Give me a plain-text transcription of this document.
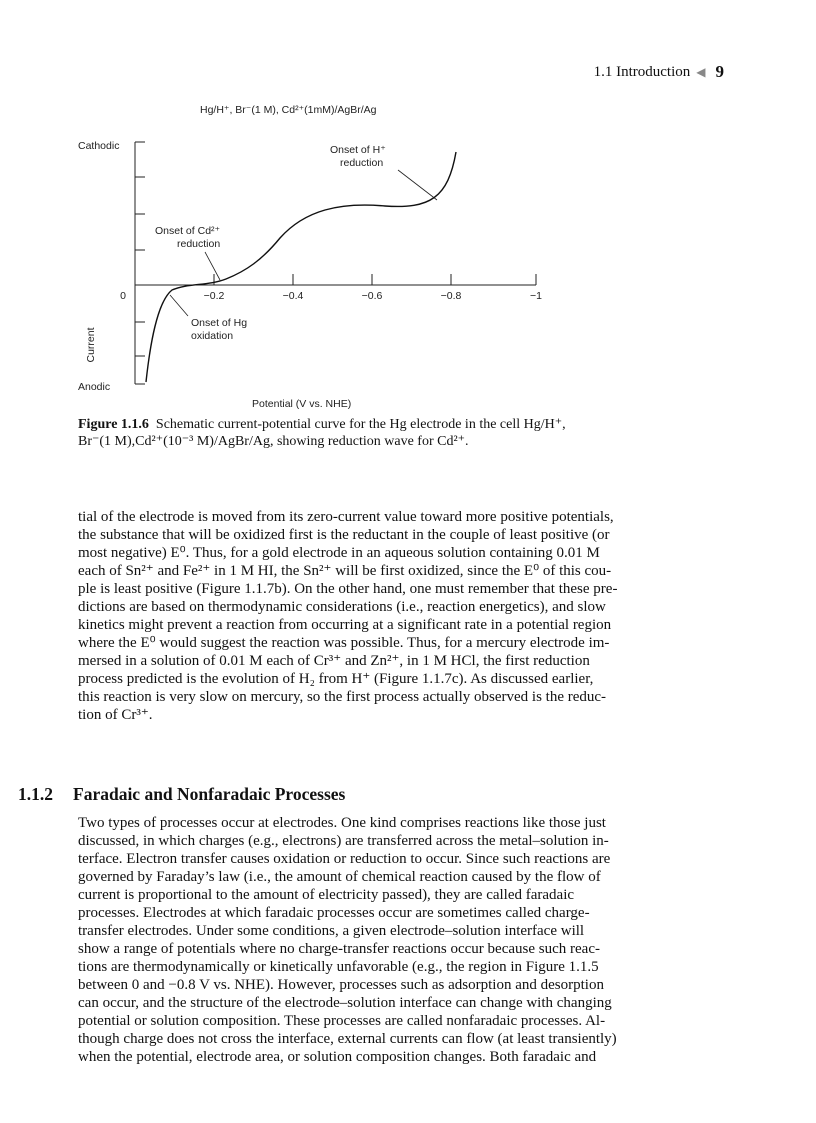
1.1 Introduction ◀ 9
Hg/H⁺, Br⁻(1 M), Cd²⁺(1mM)/AgBr/Ag
Cathodic
Anodic
Current
0	−0.2	−0.4	−0.6	−0.8	−1
Onset of H⁺
reduction
Onset of Cd²⁺
reduction
Onset of Hg
oxidation
Potential (V vs. NHE)
Figure 1.1.6 Schematic current-potential curve for the Hg electrode in the cell Hg/H⁺,
Br⁻(1 M),Cd²⁺(10⁻³ M)/AgBr/Ag, showing reduction wave for Cd²⁺.
tial of the electrode is moved from its zero-current value toward more positive potentials,
the substance that will be oxidized first is the reductant in the couple of least positive (or
most negative) E⁰. Thus, for a gold electrode in an aqueous solution containing 0.01 M
each of Sn²⁺ and Fe²⁺ in 1 M HI, the Sn²⁺ will be first oxidized, since the E⁰ of this cou-
ple is least positive (Figure 1.1.7b). On the other hand, one must remember that these pre-
dictions are based on thermodynamic considerations (i.e., reaction energetics), and slow
kinetics might prevent a reaction from occurring at a significant rate in a potential region
where the E⁰ would suggest the reaction was possible. Thus, for a mercury electrode im-
mersed in a solution of 0.01 M each of Cr³⁺ and Zn²⁺, in 1 M HCl, the first reduction
process predicted is the evolution of H₂ from H⁺ (Figure 1.1.7c). As discussed earlier,
this reaction is very slow on mercury, so the first process actually observed is the reduc-
tion of Cr³⁺.
1.1.2 Faradaic and Nonfaradaic Processes
Two types of processes occur at electrodes. One kind comprises reactions like those just
discussed, in which charges (e.g., electrons) are transferred across the metal–solution in-
terface. Electron transfer causes oxidation or reduction to occur. Since such reactions are
governed by Faraday’s law (i.e., the amount of chemical reaction caused by the flow of
current is proportional to the amount of electricity passed), they are called faradaic
processes. Electrodes at which faradaic processes occur are sometimes called charge-
transfer electrodes. Under some conditions, a given electrode–solution interface will
show a range of potentials where no charge-transfer reactions occur because such reac-
tions are thermodynamically or kinetically unfavorable (e.g., the region in Figure 1.1.5
between 0 and −0.8 V vs. NHE). However, processes such as adsorption and desorption
can occur, and the structure of the electrode–solution interface can change with changing
potential or solution composition. These processes are called nonfaradaic processes. Al-
though charge does not cross the interface, external currents can flow (at least transiently)
when the potential, electrode area, or solution composition changes. Both faradaic and
